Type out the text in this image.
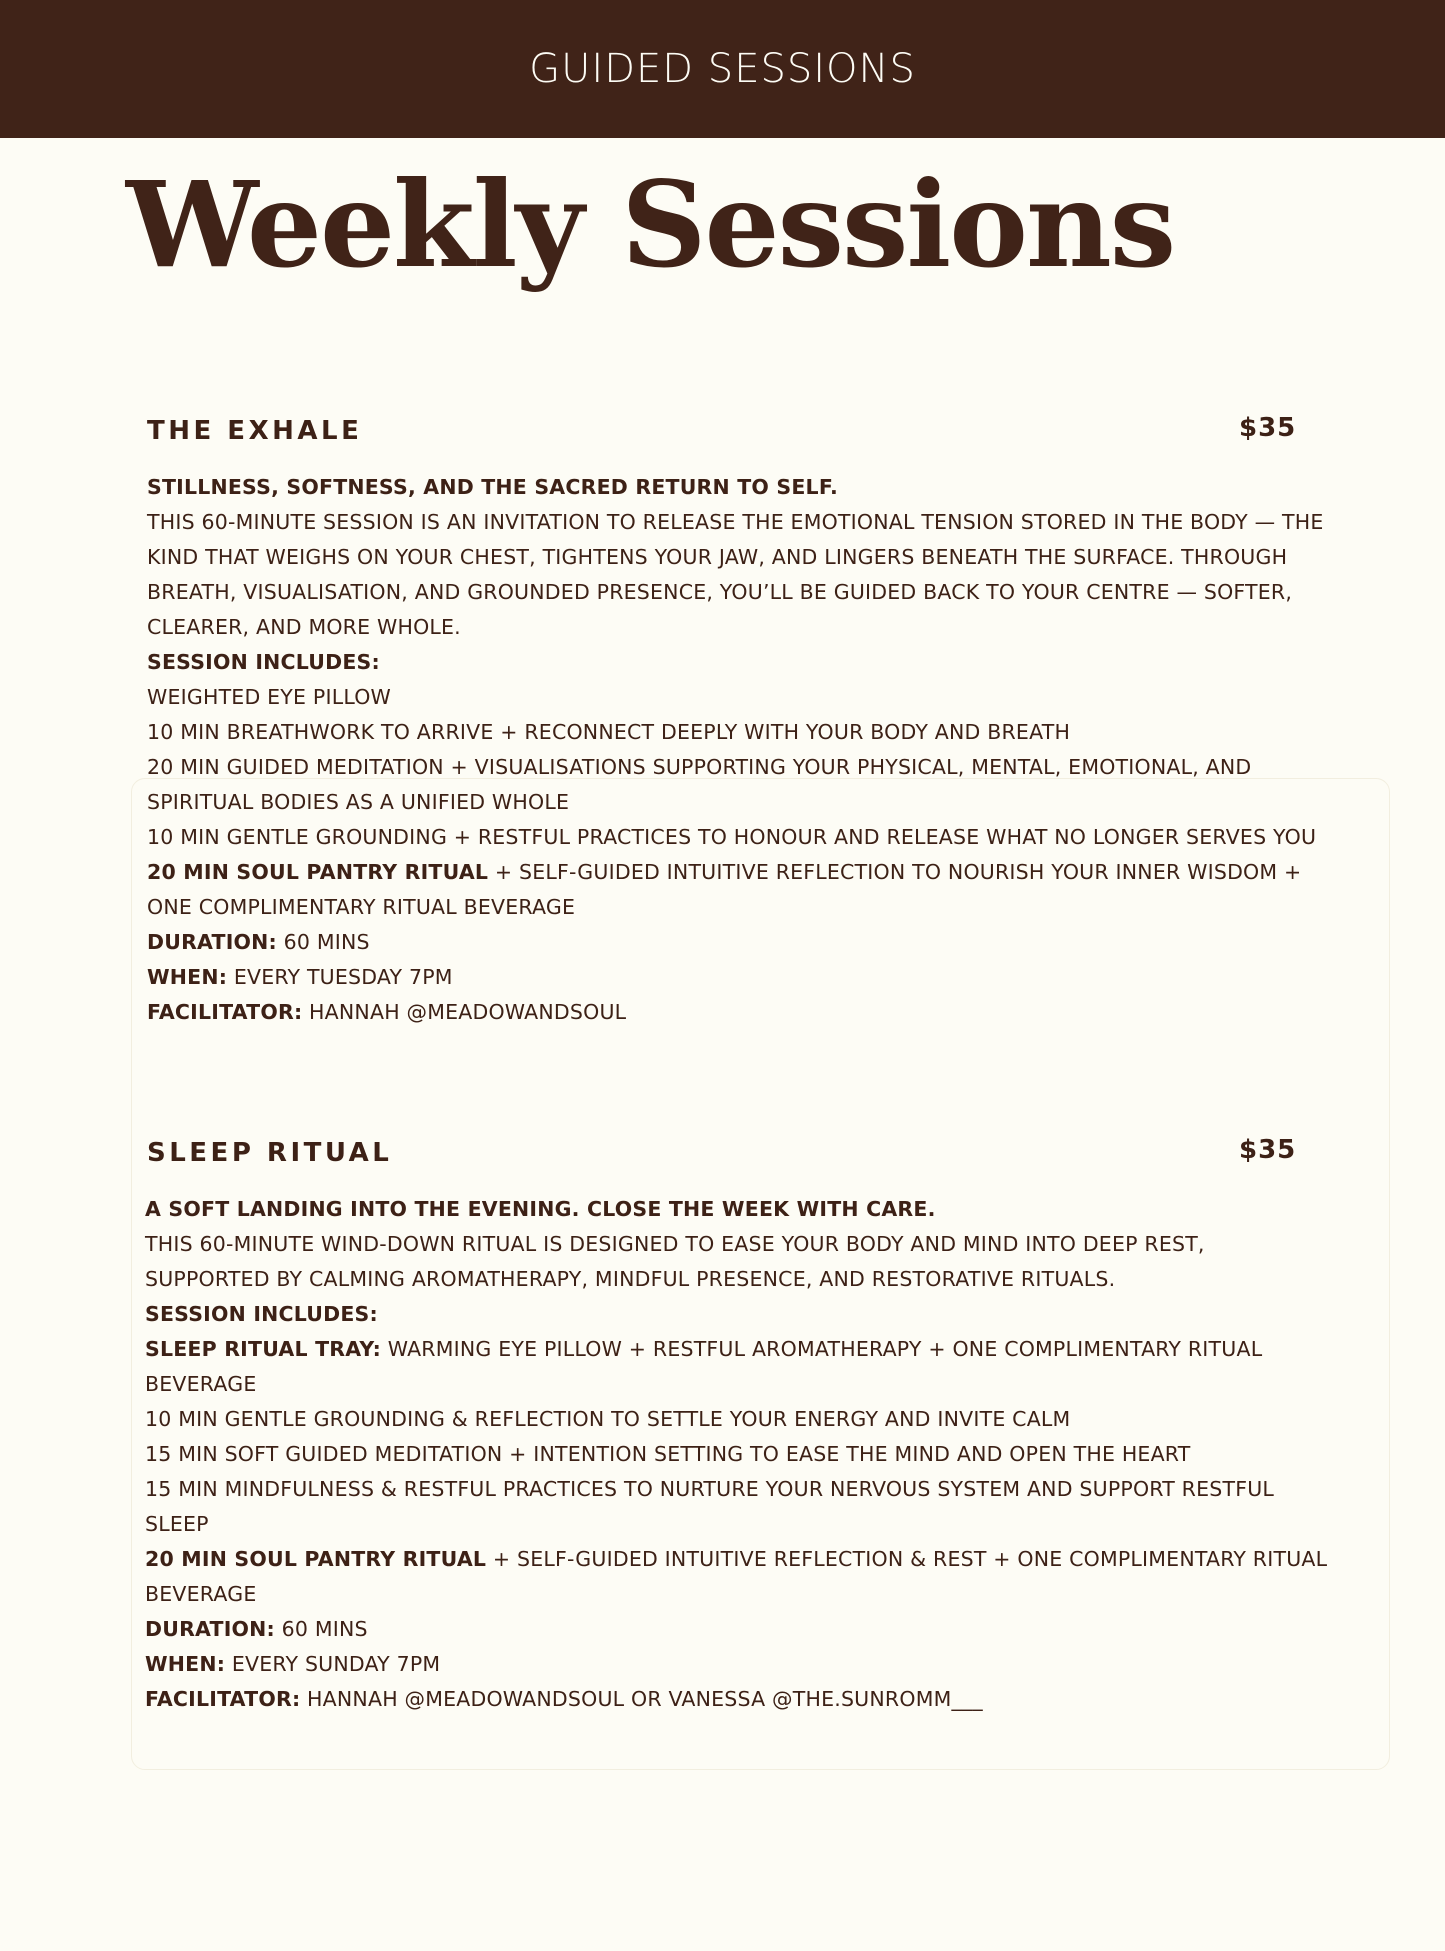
GUIDED SESSIONS
Weekly Sessions
THE EXHALE	$35

STILLNESS, SOFTNESS, AND THE SACRED RETURN TO SELF.

THIS 60-MINUTE SESSION IS AN INVITATION TO RELEASE THE EMOTIONAL TENSION STORED IN THE BODY — THE KIND THAT WEIGHS ON YOUR CHEST, TIGHTENS YOUR JAW, AND LINGERS BENEATH THE SURFACE. THROUGH BREATH, VISUALISATION, AND GROUNDED PRESENCE, YOU’LL BE GUIDED BACK TO YOUR CENTRE — SOFTER, CLEARER, AND MORE WHOLE.

SESSION INCLUDES:

WEIGHTED EYE PILLOW

10 MIN BREATHWORK TO ARRIVE + RECONNECT DEEPLY WITH YOUR BODY AND BREATH

20 MIN GUIDED MEDITATION + VISUALISATIONS SUPPORTING YOUR PHYSICAL, MENTAL, EMOTIONAL, AND SPIRITUAL BODIES AS A UNIFIED WHOLE

10 MIN GENTLE GROUNDING + RESTFUL PRACTICES TO HONOUR AND RELEASE WHAT NO LONGER SERVES YOU

20 MIN SOUL PANTRY RITUAL + SELF-GUIDED INTUITIVE REFLECTION TO NOURISH YOUR INNER WISDOM + ONE COMPLIMENTARY RITUAL BEVERAGE

DURATION: 60 MINS

WHEN: EVERY TUESDAY 7PM

FACILITATOR: HANNAH @MEADOWANDSOUL

SLEEP RITUAL	$35

A SOFT LANDING INTO THE EVENING. CLOSE THE WEEK WITH CARE.

THIS 60-MINUTE WIND-DOWN RITUAL IS DESIGNED TO EASE YOUR BODY AND MIND INTO DEEP REST, SUPPORTED BY CALMING AROMATHERAPY, MINDFUL PRESENCE, AND RESTORATIVE RITUALS.

SESSION INCLUDES:

SLEEP RITUAL TRAY: WARMING EYE PILLOW + RESTFUL AROMATHERAPY + ONE COMPLIMENTARY RITUAL BEVERAGE

10 MIN GENTLE GROUNDING & REFLECTION TO SETTLE YOUR ENERGY AND INVITE CALM

15 MIN SOFT GUIDED MEDITATION + INTENTION SETTING TO EASE THE MIND AND OPEN THE HEART

15 MIN MINDFULNESS & RESTFUL PRACTICES TO NURTURE YOUR NERVOUS SYSTEM AND SUPPORT RESTFUL SLEEP

20 MIN SOUL PANTRY RITUAL + SELF-GUIDED INTUITIVE REFLECTION & REST + ONE COMPLIMENTARY RITUAL BEVERAGE

DURATION: 60 MINS

WHEN: EVERY SUNDAY 7PM

FACILITATOR: HANNAH @MEADOWANDSOUL OR VANESSA @THE.SUNROMM___
